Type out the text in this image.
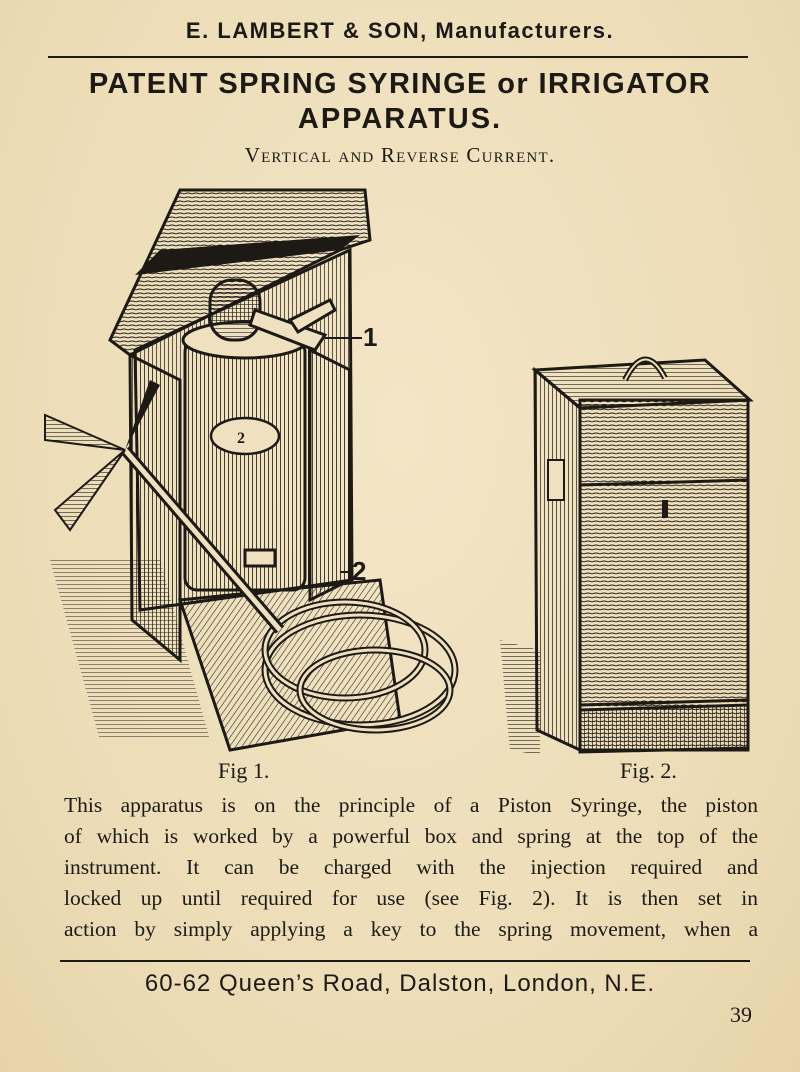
E. LAMBERT & SON, Manufacturers.
PATENT SPRING SYRINGE or IRRIGATOR
APPARATUS.
Vertical and Reverse Current.
2
1
2
Fig 1.	Fig. 2.
This apparatus is on the principle of a Piston Syringe, the piston
of which is worked by a powerful box and spring at the top of the
instrument. It can be charged with the injection required and
locked up until required for use (see Fig. 2). It is then set in
action by simply applying a key to the spring movement, when a
60-62 Queen’s Road, Dalston, London, N.E.
39
